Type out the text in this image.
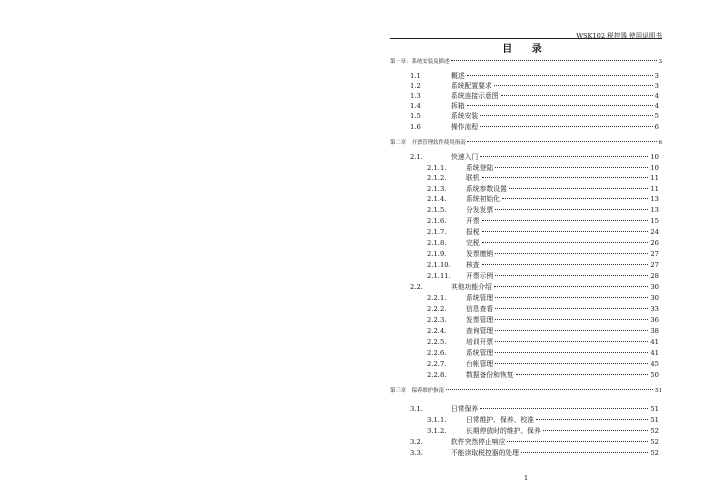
WSK102 税控器 使用说明书
目 录
第一章：系统安装及描述	3
1.1	概述	3
1.2	系统配置要求	3
1.3	系统连接示意图	4
1.4	拆箱	4
1.5	系统安装	5
1.6	操作流程	6
第二章　开票管理软件使用指南	6
2.1.	快速入门	10
2.1.1.	系统登陆	10
2.1.2.	联机	11
2.1.3.	系统参数设置	11
2.1.4.	系统初始化	13
2.1.5.	分发发票	13
2.1.6.	开票	15
2.1.7.	报税	24
2.1.8.	完税	26
2.1.9.	发票缴销	27
2.1.10.	核查	27
2.1.11.	开票示例	28
2.2.	其他功能介绍	30
2.2.1.	系统管理	30
2.2.2.	信息查看	33
2.2.3.	发票管理	36
2.2.4.	查询管理	38
2.2.5.	培训开票	41
2.2.6.	系统管理	41
2.2.7.	台帐管理	45
2.2.8.	数据备份和恢复	50
第三章　保养维护指南	51
3.1.	日常保养	51
3.1.1.	日常维护、保养、校准	51
3.1.2.	长期停放时的维护、保养	52
3.2.	软件突然停止响应	52
3.3.	不能读取税控器的处理	52
1
